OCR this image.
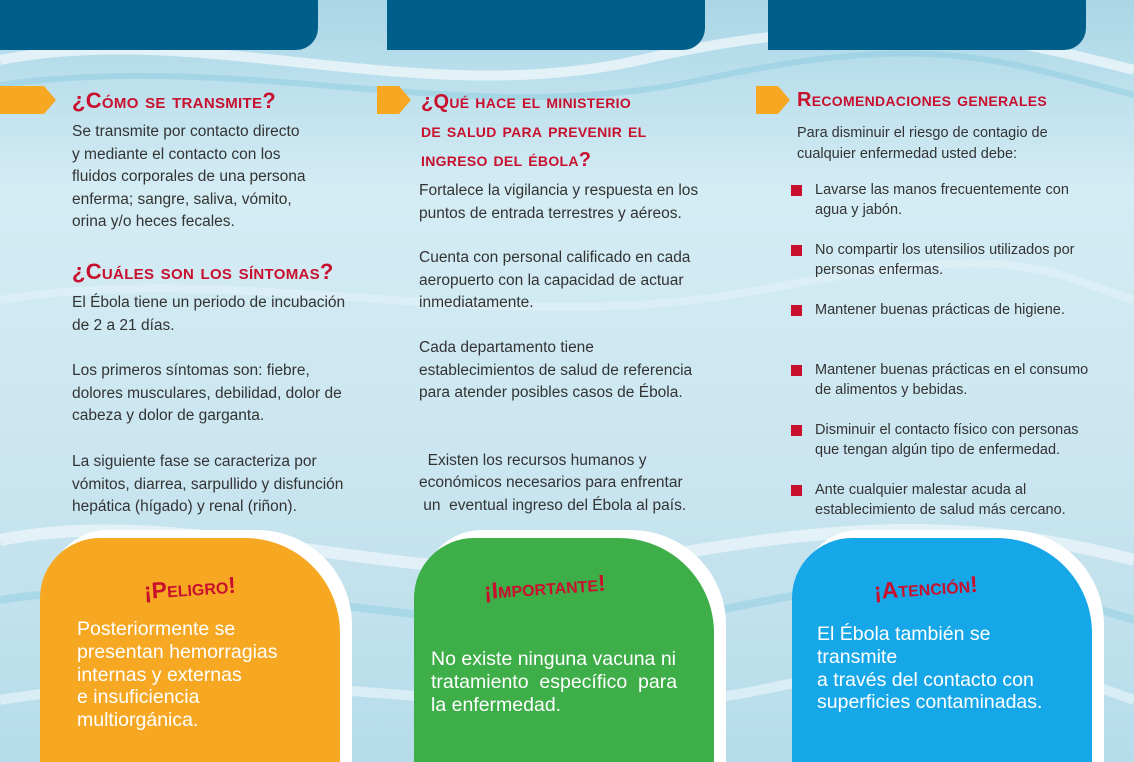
¿Cómo se transmite?

Se transmite por contacto directo
y mediante el contacto con los
fluidos corporales de una persona
enferma; sangre, saliva, vómito,
orina y/o heces fecales.

¿Cuáles son los síntomas?

El Ébola tiene un periodo de incubación
de 2 a 21 días.

Los primeros síntomas son: fiebre,
dolores musculares, debilidad, dolor de
cabeza y dolor de garganta.

La siguiente fase se caracteriza por
vómitos, diarrea, sarpullido y disfunción
hepática (hígado) y renal (riñon).

¿Qué hace el ministerio
de salud para prevenir el
ingreso del ébola?

Fortalece la vigilancia y respuesta en los
puntos de entrada terrestres y aéreos.

Cuenta con personal calificado en cada
aeropuerto con la capacidad de actuar
inmediatamente.

Cada departamento tiene
establecimientos de salud de referencia
para atender posibles casos de Ébola.

Existen los recursos humanos y
económicos necesarios para enfrentar
un  eventual ingreso del Ébola al país.

Recomendaciones generales

Para disminuir el riesgo de contagio de
cualquier enfermedad usted debe:

Lavarse las manos frecuentemente con
agua y jabón.
No compartir los utensilios utilizados por
personas enfermas.
Mantener buenas prácticas de higiene.
Mantener buenas prácticas en el consumo
de alimentos y bebidas.
Disminuir el contacto físico con personas
que tengan algún tipo de enfermedad.
Ante cualquier malestar acuda al
establecimiento de salud más cercano.
¡Peligro!

Posteriormente se
presentan hemorragias
internas y externas
e insuficiencia
multiorgánica.

¡Importante!

No existe ninguna vacuna ni
tratamiento  específico  para
la enfermedad.

¡Atención!

El Ébola también se
transmite
a través del contacto con
superficies contaminadas.
